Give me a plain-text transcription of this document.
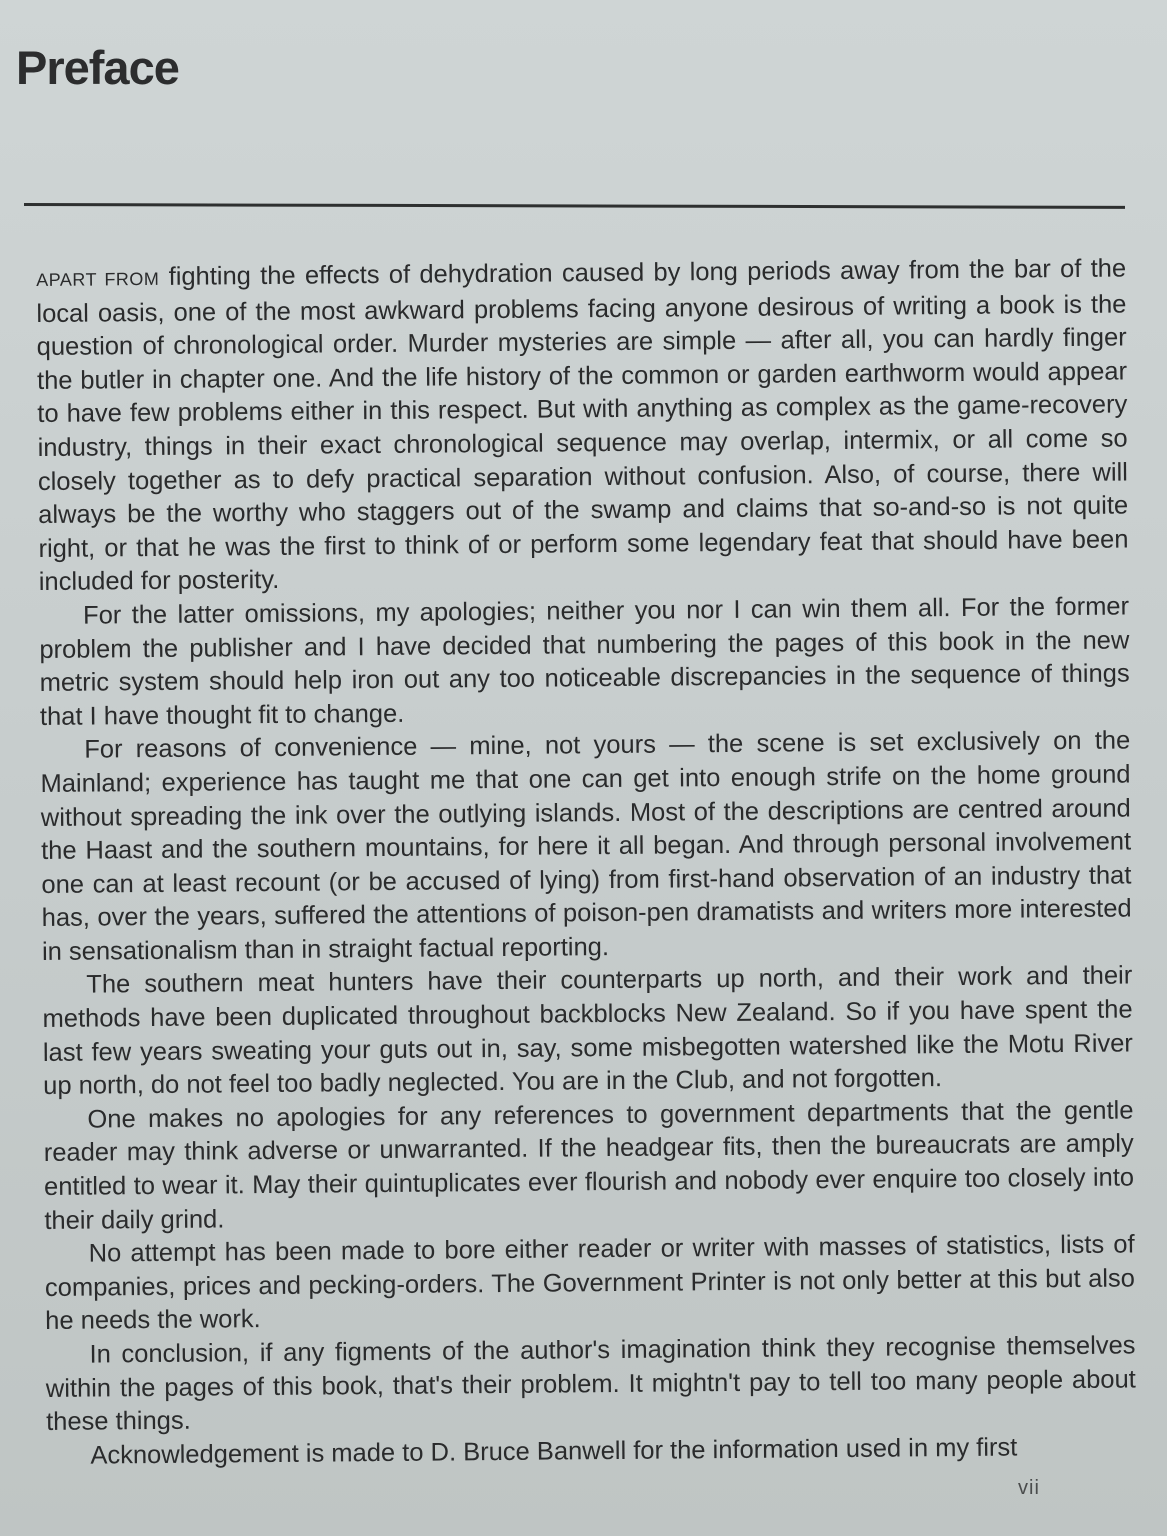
Preface

APART FROM fighting the effects of dehydration caused by long periods away from the bar of the local oasis, one of the most awkward problems facing anyone desirous of writing a book is the question of chronological order. Murder mysteries are simple — after all, you can hardly finger the butler in chapter one. And the life history of the common or garden earthworm would appear to have few problems either in this respect. But with anything as complex as the game-recovery industry, things in their exact chronological sequence may overlap, intermix, or all come so closely together as to defy practical separation without confusion. Also, of course, there will always be the worthy who staggers out of the swamp and claims that so-and-so is not quite right, or that he was the first to think of or perform some legendary feat that should have been included for posterity.

For the latter omissions, my apologies; neither you nor I can win them all. For the former problem the publisher and I have decided that numbering the pages of this book in the new metric system should help iron out any too noticeable discrepancies in the sequence of things that I have thought fit to change.

For reasons of convenience — mine, not yours — the scene is set exclusively on the Mainland; experience has taught me that one can get into enough strife on the home ground without spreading the ink over the outlying islands. Most of the descriptions are centred around the Haast and the southern mountains, for here it all began. And through personal involvement one can at least recount (or be accused of lying) from first-hand observation of an industry that has, over the years, suffered the attentions of poison-pen dramatists and writers more interested in sensationalism than in straight factual reporting.

The southern meat hunters have their counterparts up north, and their work and their methods have been duplicated throughout backblocks New Zealand. So if you have spent the last few years sweating your guts out in, say, some misbegotten watershed like the Motu River up north, do not feel too badly neglected. You are in the Club, and not forgotten.

One makes no apologies for any references to government departments that the gentle reader may think adverse or unwarranted. If the headgear fits, then the bureaucrats are amply entitled to wear it. May their quintuplicates ever flourish and nobody ever enquire too closely into their daily grind.

No attempt has been made to bore either reader or writer with masses of statistics, lists of companies, prices and pecking-orders. The Government Printer is not only better at this but also he needs the work.

In conclusion, if any figments of the author's imagination think they recognise themselves within the pages of this book, that's their problem. It mightn't pay to tell too many people about these things.

Acknowledgement is made to D. Bruce Banwell for the information used in my first

vii
